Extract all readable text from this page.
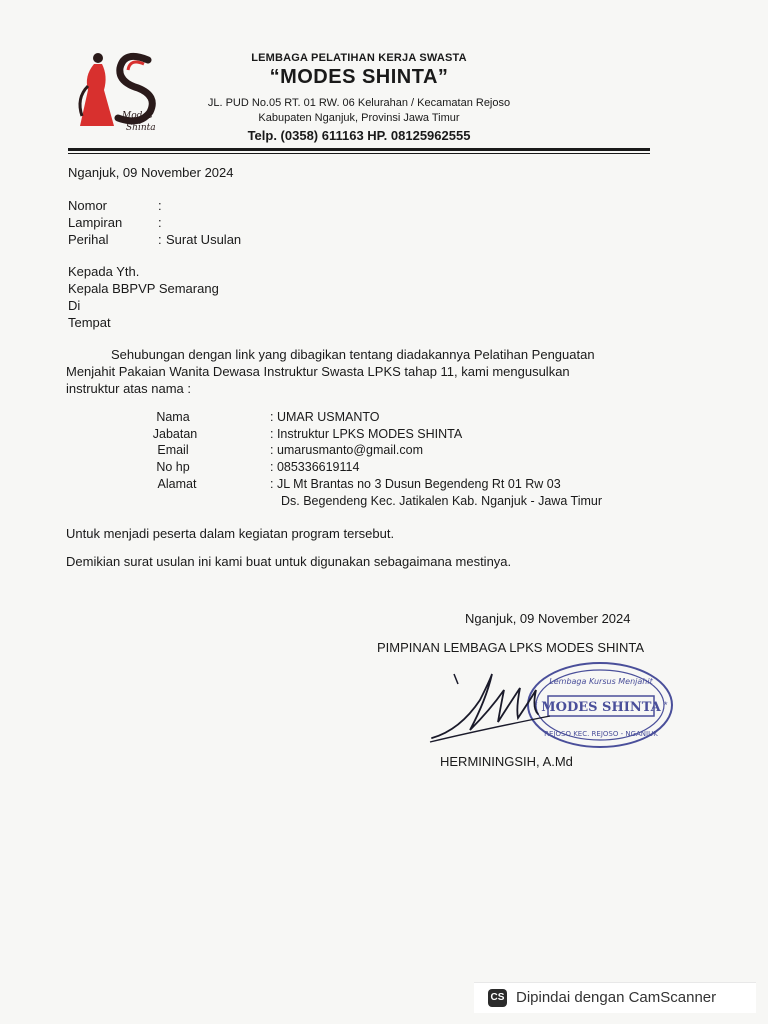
Modes
Shinta
LEMBAGA PELATIHAN KERJA SWASTA
“MODES SHINTA”
JL. PUD No.05 RT. 01 RW. 06 Kelurahan / Kecamatan Rejoso
Kabupaten Nganjuk, Provinsi Jawa Timur
Telp. (0358) 611163 HP. 08125962555
Nganjuk, 09 November 2024
Nomor	:
Lampiran	:
Perihal	: Surat Usulan
Kepada Yth.
Kepala BBPVP Semarang
Di
Tempat
Sehubungan dengan link yang dibagikan tentang diadakannya Pelatihan Penguatan
Menjahit Pakaian Wanita Dewasa Instruktur Swasta LPKS tahap 11, kami mengusulkan
instruktur atas nama :
Nama	: UMAR USMANTO
Jabatan	: Instruktur LPKS MODES SHINTA
Email	: umarusmanto@gmail.com
No hp	: 085336619114
Alamat	: JL Mt Brantas no 3 Dusun Begendeng Rt 01 Rw 03
Ds. Begendeng Kec. Jatikalen Kab. Nganjuk - Jawa Timur
Untuk menjadi peserta dalam kegiatan program tersebut.
Demikian surat usulan ini kami buat untuk digunakan sebagaimana mestinya.
Nganjuk, 09 November 2024
PIMPINAN LEMBAGA LPKS MODES SHINTA
MODES SHINTA
Lembaga Kursus Menjahit
REJOSO KEC. REJOSO - NGANJUK
*
*
HERMININGSIH, A.Md
CS Dipindai dengan CamScanner
